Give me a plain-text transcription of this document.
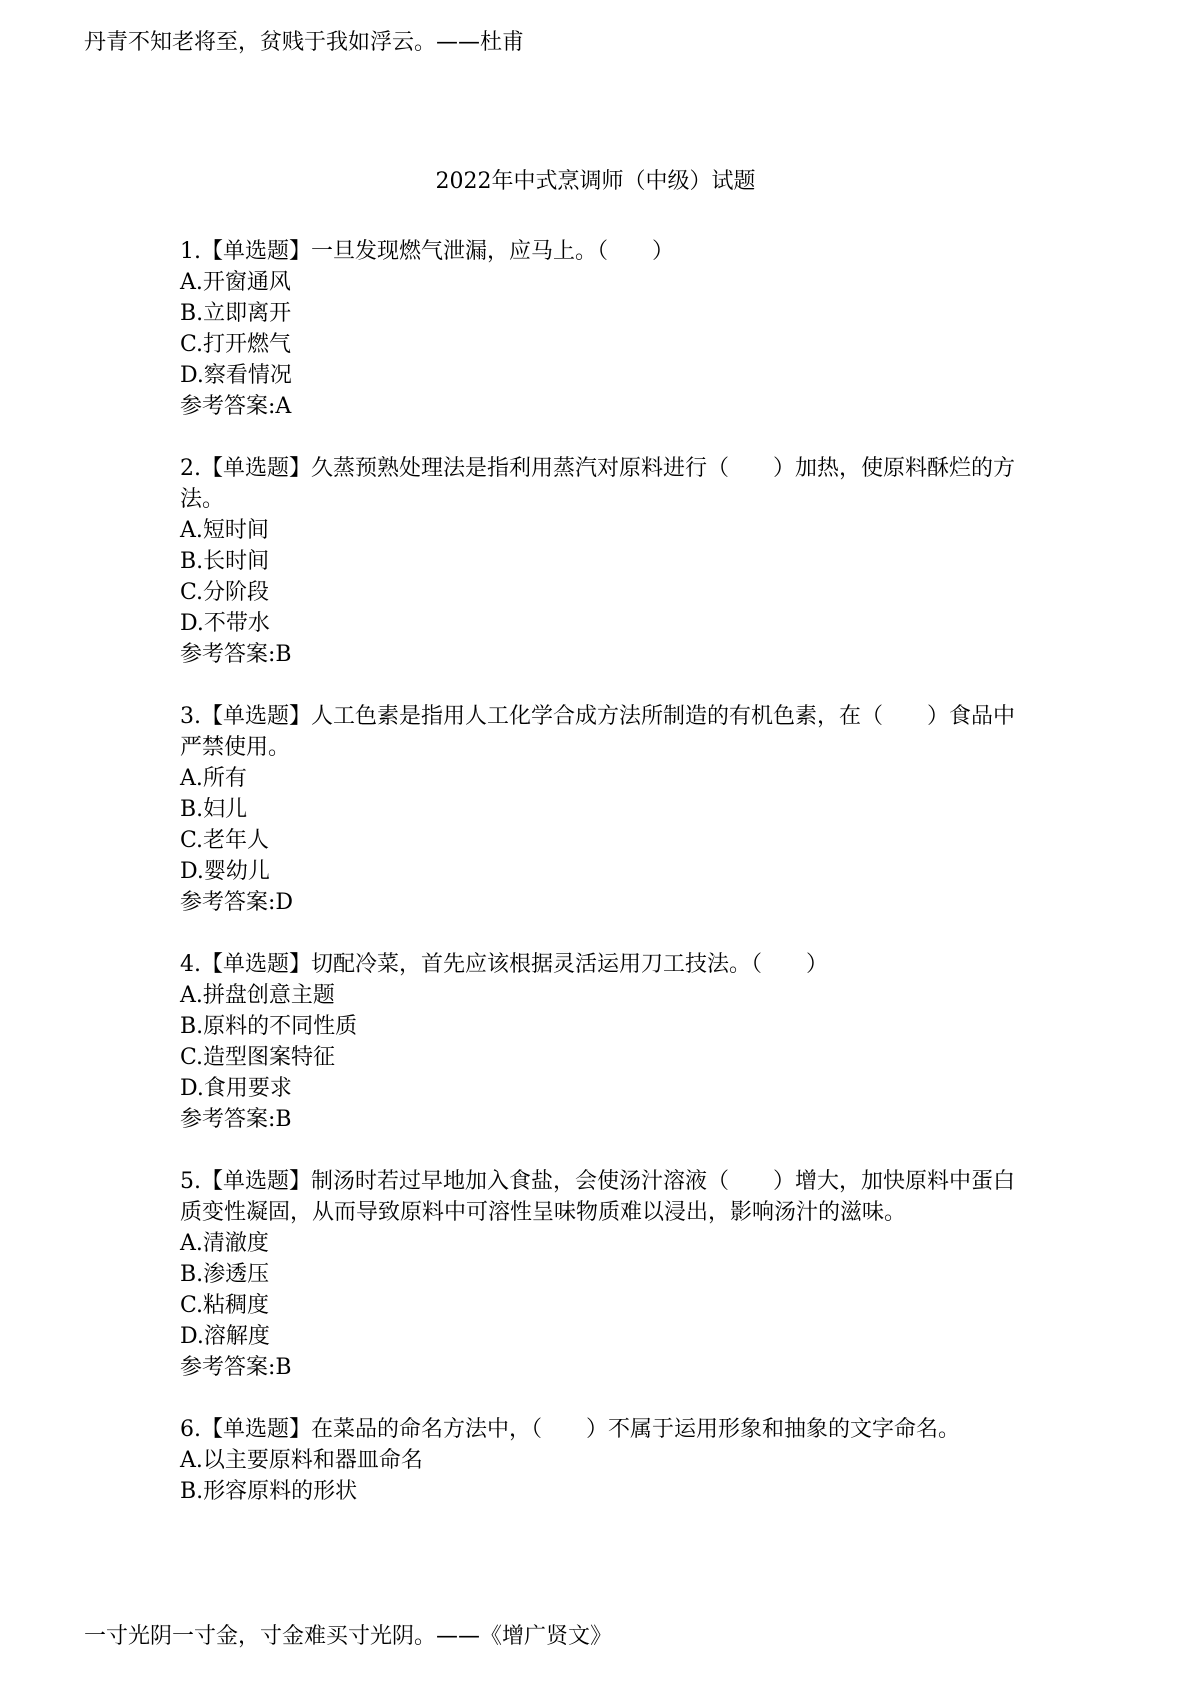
丹青不知老将至，贫贱于我如浮云。——杜甫
2022年中式烹调师（中级）试题

1.【单选题】一旦发现燃气泄漏，应马上。（　　）

A.开窗通风

B.立即离开

C.打开燃气

D.察看情况

参考答案:A

2.【单选题】久蒸预熟处理法是指利用蒸汽对原料进行（　　）加热，使原料酥烂的方法。

A.短时间

B.长时间

C.分阶段

D.不带水

参考答案:B

3.【单选题】人工色素是指用人工化学合成方法所制造的有机色素，在（　　）食品中严禁使用。

A.所有

B.妇儿

C.老年人

D.婴幼儿

参考答案:D

4.【单选题】切配冷菜，首先应该根据灵活运用刀工技法。（　　）

A.拼盘创意主题

B.原料的不同性质

C.造型图案特征

D.食用要求

参考答案:B

5.【单选题】制汤时若过早地加入食盐，会使汤汁溶液（　　）增大，加快原料中蛋白质变性凝固，从而导致原料中可溶性呈味物质难以浸出，影响汤汁的滋味。

A.清澈度

B.渗透压

C.粘稠度

D.溶解度

参考答案:B

6.【单选题】在菜品的命名方法中，（　　）不属于运用形象和抽象的文字命名。

A.以主要原料和器皿命名

B.形容原料的形状

一寸光阴一寸金，寸金难买寸光阴。——《增广贤文》
